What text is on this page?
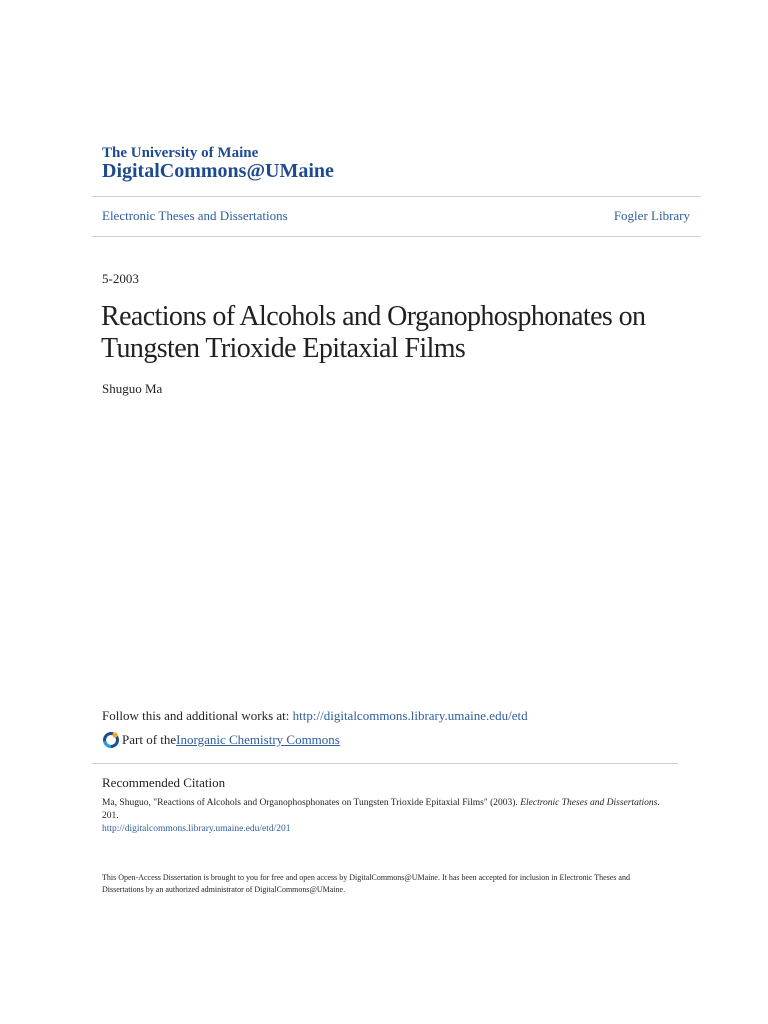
The University of Maine
DigitalCommons@UMaine
Electronic Theses and Dissertations	Fogler Library
5-2003
Reactions of Alcohols and Organophosphonates on Tungsten Trioxide Epitaxial Films
Shuguo Ma
Follow this and additional works at: http://digitalcommons.library.umaine.edu/etd
Part of the Inorganic Chemistry Commons
Recommended Citation
Ma, Shuguo, "Reactions of Alcohols and Organophosphonates on Tungsten Trioxide Epitaxial Films" (2003). Electronic Theses and Dissertations. 201.
http://digitalcommons.library.umaine.edu/etd/201
This Open-Access Dissertation is brought to you for free and open access by DigitalCommons@UMaine. It has been accepted for inclusion in Electronic Theses and Dissertations by an authorized administrator of DigitalCommons@UMaine.
